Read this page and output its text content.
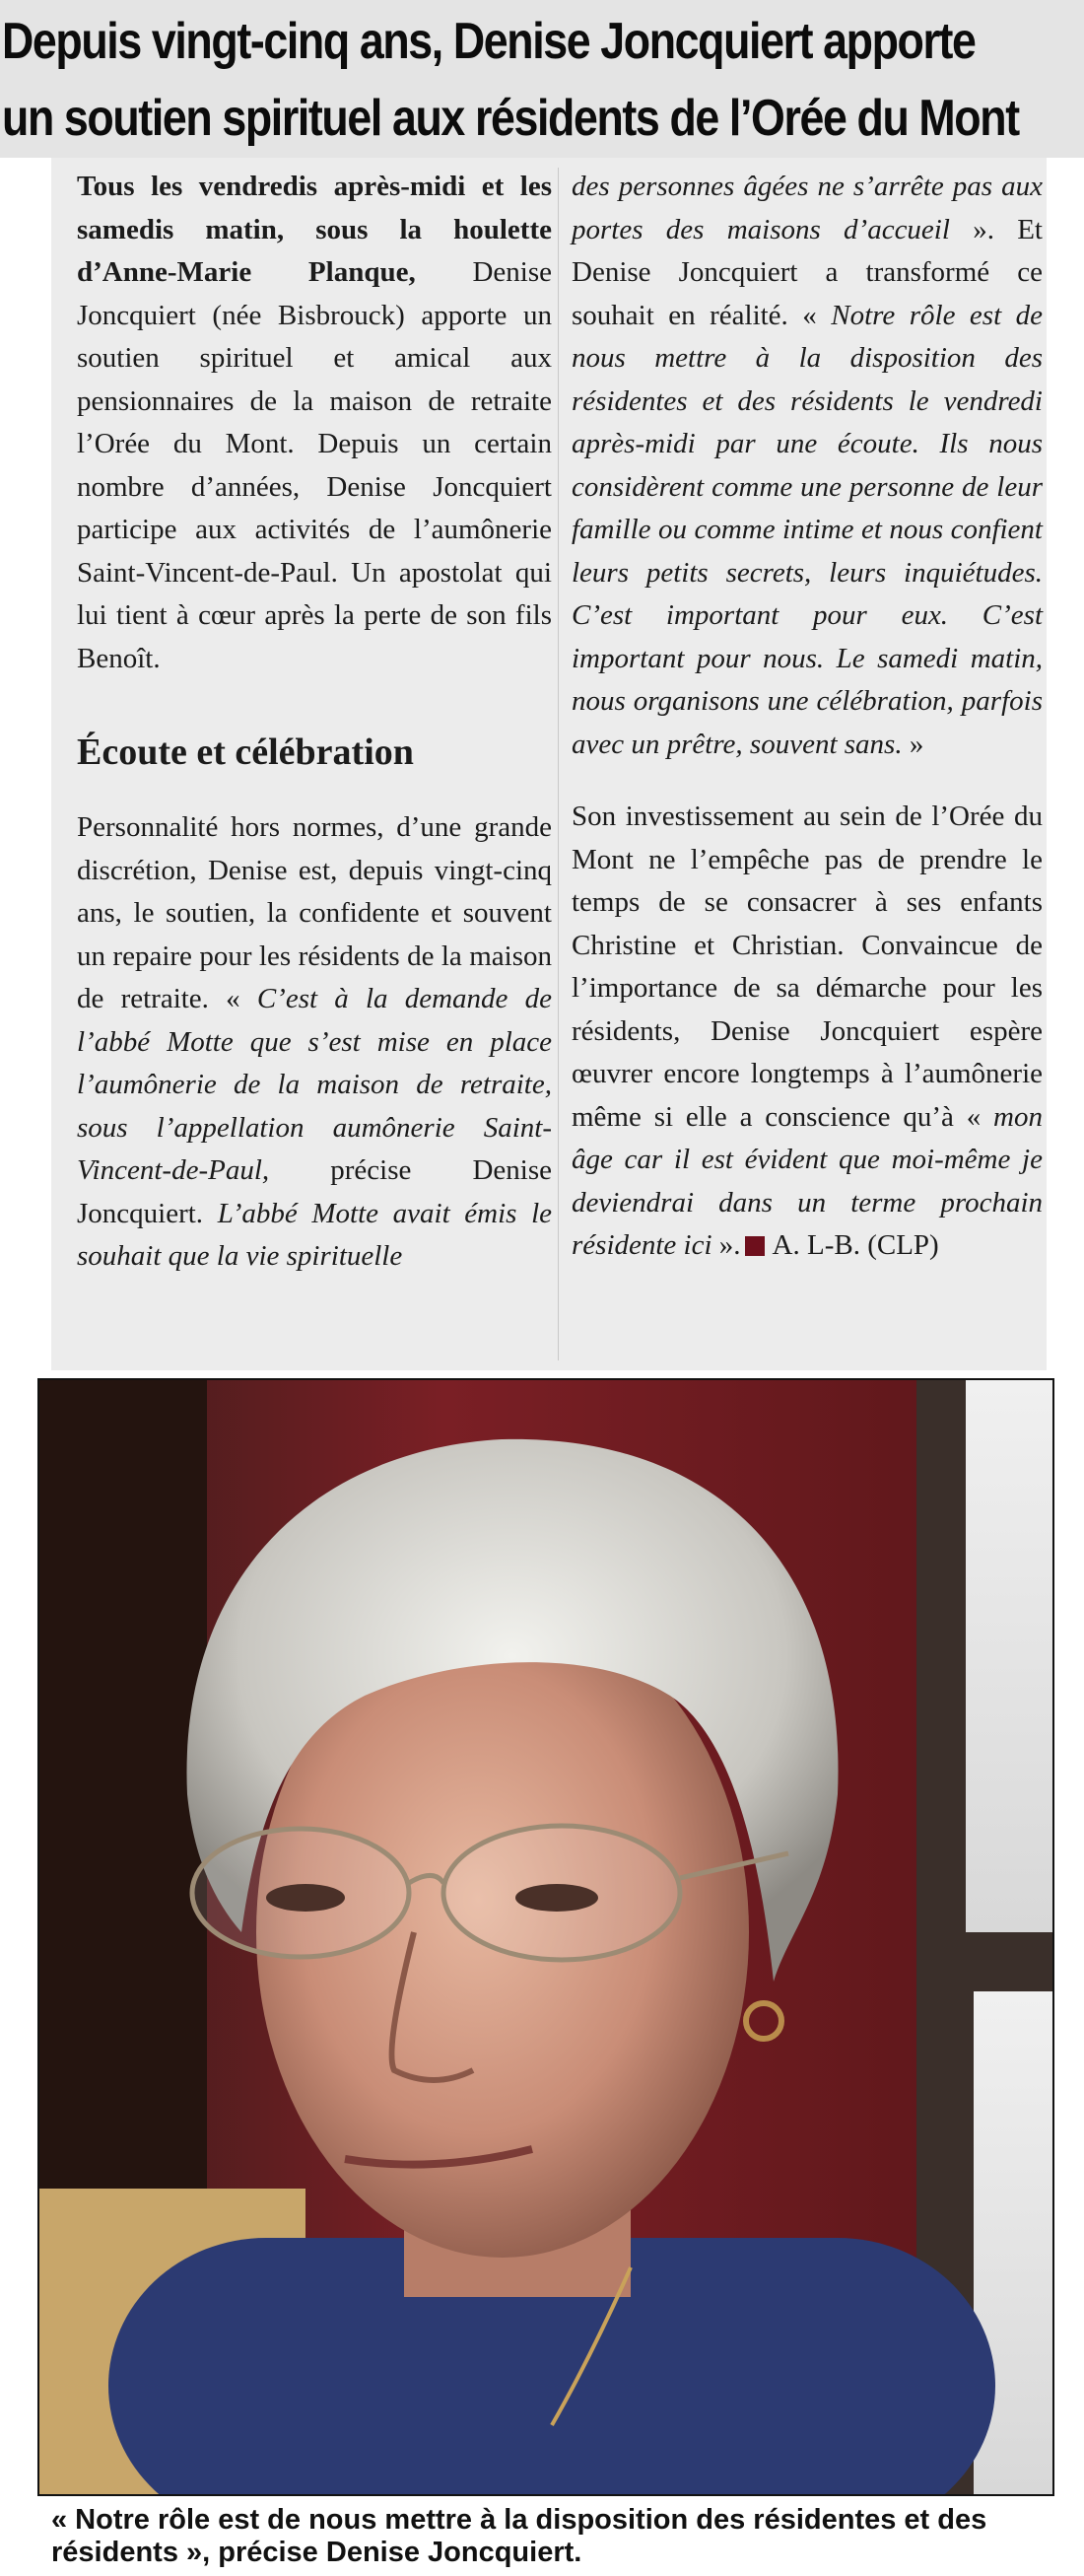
Depuis vingt-cinq ans, Denise Joncquiert apporte
un soutien spirituel aux résidents de l’Orée du Mont

Tous les vendredis après-midi et les samedis matin, sous la houlette d’Anne-Marie Planque, Denise Joncquiert (née Bisbrouck) apporte un soutien spirituel et amical aux pensionnaires de la maison de retraite l’Orée du Mont. Depuis un certain nombre d’années, Denise Joncquiert participe aux activités de l’aumônerie Saint-Vincent-de-Paul. Un apostolat qui lui tient à cœur après la perte de son fils Benoît.

Écoute et célébration

Personnalité hors normes, d’une grande discrétion, Denise est, depuis vingt-cinq ans, le soutien, la confidente et souvent un repaire pour les résidents de la maison de retraite. « C’est à la demande de l’abbé Motte que s’est mise en place l’aumônerie de la maison de retraite, sous l’appellation aumônerie Saint-Vincent-de-Paul, précise Denise Joncquiert. L’abbé Motte avait émis le souhait que la vie spirituelle

des personnes âgées ne s’arrête pas aux portes des maisons d’accueil ». Et Denise Joncquiert a transformé ce souhait en réalité. « Notre rôle est de nous mettre à la disposition des résidentes et des résidents le vendredi après-midi par une écoute. Ils nous considèrent comme une personne de leur famille ou comme intime et nous confient leurs petits secrets, leurs inquiétudes. C’est important pour eux. C’est important pour nous. Le samedi matin, nous organisons une célébration, parfois avec un prêtre, souvent sans. »

Son investissement au sein de l’Orée du Mont ne l’empêche pas de prendre le temps de se consacrer à ses enfants Christine et Christian. Convaincue de l’importance de sa démarche pour les résidents, Denise Joncquiert espère œuvrer encore longtemps à l’aumônerie même si elle a conscience qu’à « mon âge car il est évident que moi-même je deviendrai dans un terme prochain résidente ici ». A. L-B. (CLP)

« Notre rôle est de nous mettre à la disposition des résidentes et des résidents », précise Denise Joncquiert.
